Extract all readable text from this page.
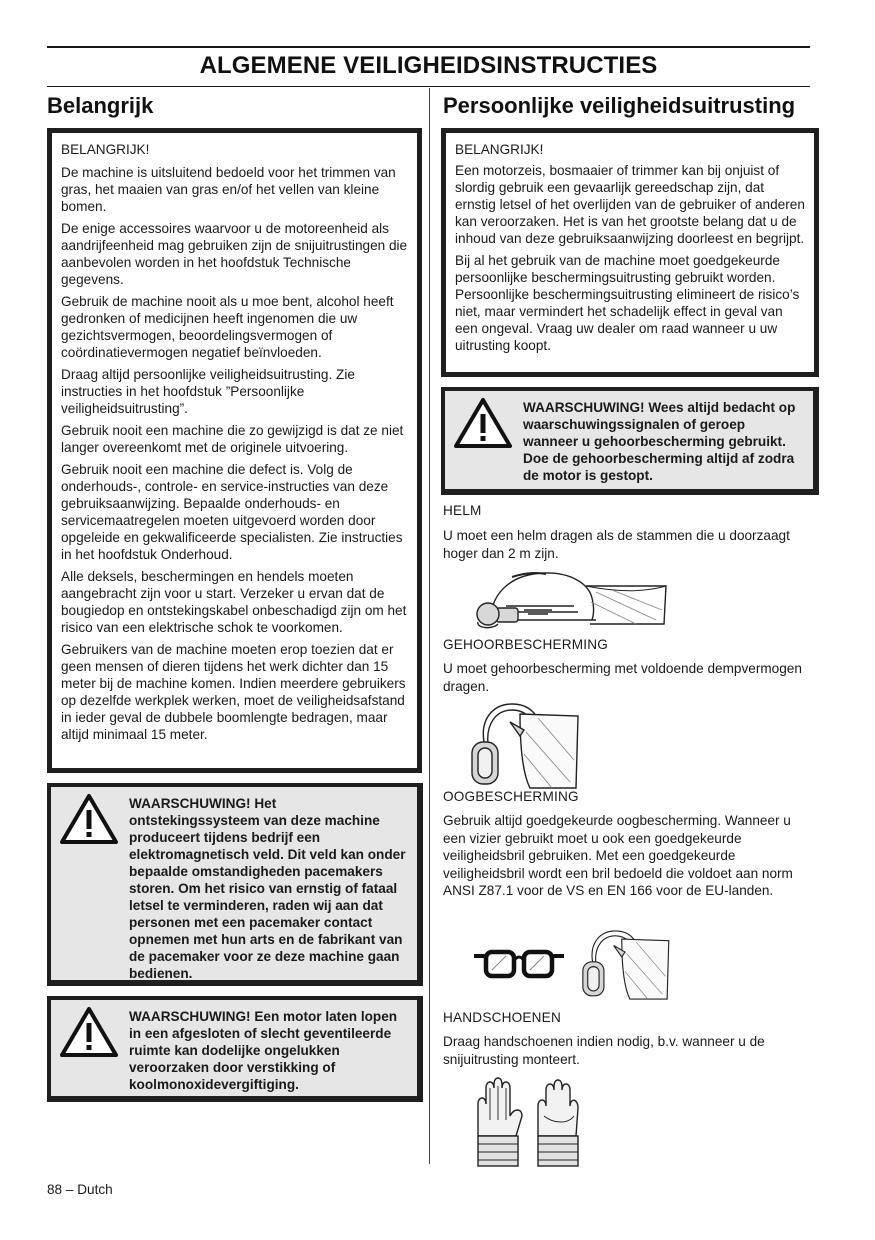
ALGEMENE VEILIGHEIDSINSTRUCTIES
Belangrijk

BELANGRIJK!

De machine is uitsluitend bedoeld voor het trimmen van gras, het maaien van gras en/of het vellen van kleine bomen.

De enige accessoires waarvoor u de motoreenheid als aandrijfeenheid mag gebruiken zijn de snijuitrustingen die aanbevolen worden in het hoofdstuk Technische gegevens.

Gebruik de machine nooit als u moe bent, alcohol heeft gedronken of medicijnen heeft ingenomen die uw gezichtsvermogen, beoordelingsvermogen of coördinatievermogen negatief beïnvloeden.

Draag altijd persoonlijke veiligheidsuitrusting. Zie instructies in het hoofdstuk ”Persoonlijke veiligheidsuitrusting”.

Gebruik nooit een machine die zo gewijzigd is dat ze niet langer overeenkomt met de originele uitvoering.

Gebruik nooit een machine die defect is. Volg de onderhouds-, controle- en service-instructies van deze gebruiksaanwijzing. Bepaalde onderhouds- en servicemaatregelen moeten uitgevoerd worden door opgeleide en gekwalificeerde specialisten. Zie instructies in het hoofdstuk Onderhoud.

Alle deksels, beschermingen en hendels moeten aangebracht zijn voor u start. Verzeker u ervan dat de bougiedop en ontstekingskabel onbeschadigd zijn om het risico van een elektrische schok te voorkomen.

Gebruikers van de machine moeten erop toezien dat er geen mensen of dieren tijdens het werk dichter dan 15 meter bij de machine komen. Indien meerdere gebruikers op dezelfde werkplek werken, moet de veiligheidsafstand in ieder geval de dubbele boomlengte bedragen, maar altijd minimaal 15 meter.

WAARSCHUWING! Het ontstekingssysteem van deze machine produceert tijdens bedrijf een elektromagnetisch veld. Dit veld kan onder bepaalde omstandigheden pacemakers storen. Om het risico van ernstig of fataal letsel te verminderen, raden wij aan dat personen met een pacemaker contact opnemen met hun arts en de fabrikant van de pacemaker voor ze deze machine gaan bedienen.
WAARSCHUWING! Een motor laten lopen in een afgesloten of slecht geventileerde ruimte kan dodelijke ongelukken veroorzaken door verstikking of koolmonoxidevergiftiging.
Persoonlijke veiligheidsuitrusting

BELANGRIJK!

Een motorzeis, bosmaaier of trimmer kan bij onjuist of slordig gebruik een gevaarlijk gereedschap zijn, dat ernstig letsel of het overlijden van de gebruiker of anderen kan veroorzaken. Het is van het grootste belang dat u de inhoud van deze gebruiksaanwijzing doorleest en begrijpt.

Bij al het gebruik van de machine moet goedgekeurde persoonlijke beschermingsuitrusting gebruikt worden. Persoonlijke beschermingsuitrusting elimineert de risico’s niet, maar vermindert het schadelijk effect in geval van een ongeval. Vraag uw dealer om raad wanneer u uw uitrusting koopt.

WAARSCHUWING! Wees altijd bedacht op waarschuwingssignalen of geroep wanneer u gehoorbescherming gebruikt. Doe de gehoorbescherming altijd af zodra de motor is gestopt.
HELM
U moet een helm dragen als de stammen die u doorzaagt hoger dan 2 m zijn.
GEHOORBESCHERMING
U moet gehoorbescherming met voldoende dempvermogen dragen.
OOGBESCHERMING
Gebruik altijd goedgekeurde oogbescherming. Wanneer u een vizier gebruikt moet u ook een goedgekeurde veiligheidsbril gebruiken. Met een goedgekeurde veiligheidsbril wordt een bril bedoeld die voldoet aan norm ANSI Z87.1 voor de VS en EN 166 voor de EU-landen.
HANDSCHOENEN
Draag handschoenen indien nodig, b.v. wanneer u de snijuitrusting monteert.
88 – Dutch
